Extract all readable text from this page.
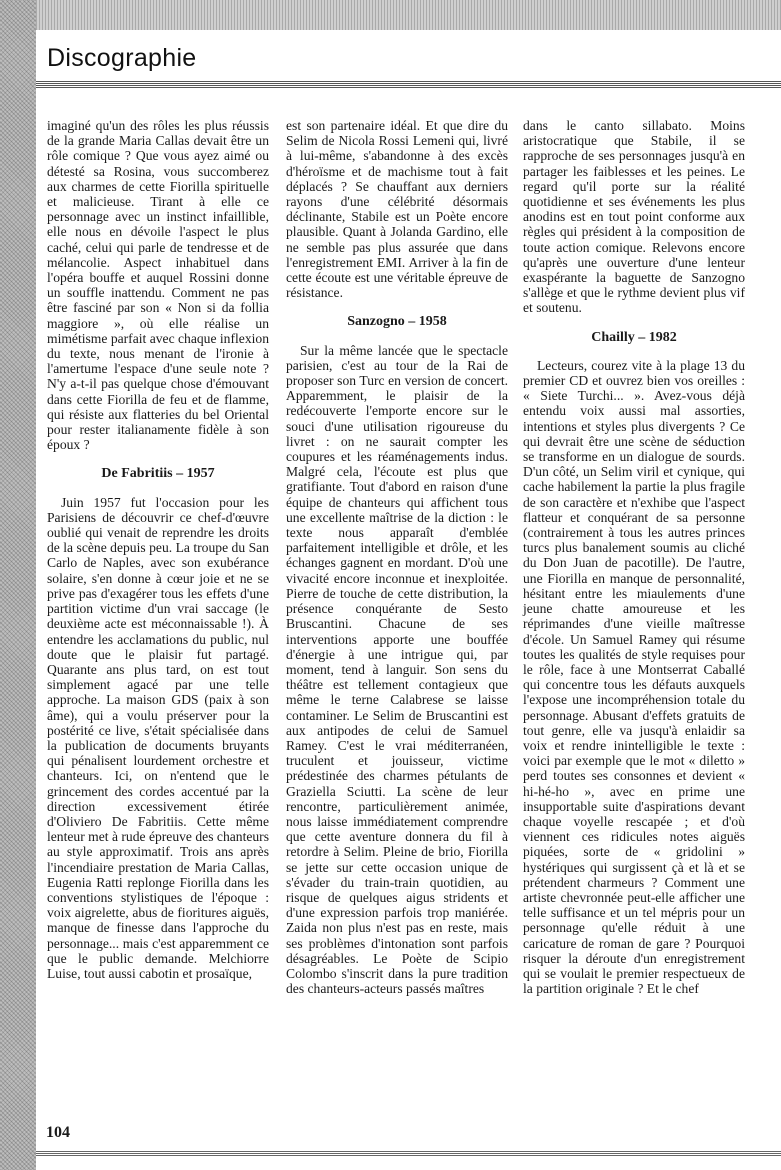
Discographie

imaginé qu'un des rôles les plus réussis de la grande Maria Callas devait être un rôle comique ? Que vous ayez aimé ou détesté sa Rosina, vous succomberez aux charmes de cette Fiorilla spirituelle et malicieuse. Tirant à elle ce personnage avec un instinct infaillible, elle nous en dévoile l'aspect le plus caché, celui qui parle de tendresse et de mélancolie. Aspect inhabituel dans l'opéra bouffe et auquel Rossini donne un souffle inattendu. Comment ne pas être fasciné par son « Non si da follia maggiore », où elle réalise un mimétisme parfait avec chaque inflexion du texte, nous menant de l'ironie à l'amertume l'espace d'une seule note ? N'y a-t-il pas quelque chose d'émouvant dans cette Fiorilla de feu et de flamme, qui résiste aux flatteries du bel Oriental pour rester italianamente fidèle à son époux ?

De Fabritiis – 1957

Juin 1957 fut l'occasion pour les Parisiens de découvrir ce chef-d'œuvre oublié qui venait de reprendre les droits de la scène depuis peu. La troupe du San Carlo de Naples, avec son exubérance solaire, s'en donne à cœur joie et ne se prive pas d'exagérer tous les effets d'une partition victime d'un vrai saccage (le deuxième acte est méconnaissable !). À entendre les acclamations du public, nul doute que le plaisir fut partagé. Quarante ans plus tard, on est tout simplement agacé par une telle approche. La maison GDS (paix à son âme), qui a voulu préserver pour la postérité ce live, s'était spécialisée dans la publication de documents bruyants qui pénalisent lourdement orchestre et chanteurs. Ici, on n'entend que le grincement des cordes accentué par la direction excessivement étirée d'Oliviero De Fabritiis. Cette même lenteur met à rude épreuve des chanteurs au style approximatif. Trois ans après l'incendiaire prestation de Maria Callas, Eugenia Ratti replonge Fiorilla dans les conventions stylistiques de l'époque : voix aigrelette, abus de fioritures aiguës, manque de finesse dans l'approche du personnage... mais c'est apparemment ce que le public demande. Melchiorre Luise, tout aussi cabotin et prosaïque,

est son partenaire idéal. Et que dire du Selim de Nicola Rossi Lemeni qui, livré à lui-même, s'abandonne à des excès d'héroïsme et de machisme tout à fait déplacés ? Se chauffant aux derniers rayons d'une célébrité désormais déclinante, Stabile est un Poète encore plausible. Quant à Jolanda Gardino, elle ne semble pas plus assurée que dans l'enregistrement EMI. Arriver à la fin de cette écoute est une véritable épreuve de résistance.

Sanzogno – 1958

Sur la même lancée que le spectacle parisien, c'est au tour de la Rai de proposer son Turc en version de concert. Apparemment, le plaisir de la redécouverte l'emporte encore sur le souci d'une utilisation rigoureuse du livret : on ne saurait compter les coupures et les réaménagements indus. Malgré cela, l'écoute est plus que gratifiante. Tout d'abord en raison d'une équipe de chanteurs qui affichent tous une excellente maîtrise de la diction : le texte nous apparaît d'emblée parfaitement intelligible et drôle, et les échanges gagnent en mordant. D'où une vivacité encore inconnue et inexploitée. Pierre de touche de cette distribution, la présence conquérante de Sesto Bruscantini. Chacune de ses interventions apporte une bouffée d'énergie à une intrigue qui, par moment, tend à languir. Son sens du théâtre est tellement contagieux que même le terne Calabrese se laisse contaminer. Le Selim de Bruscantini est aux antipodes de celui de Samuel Ramey. C'est le vrai méditerranéen, truculent et jouisseur, victime prédestinée des charmes pétulants de Graziella Sciutti. La scène de leur rencontre, particulièrement animée, nous laisse immédiatement comprendre que cette aventure donnera du fil à retordre à Selim. Pleine de brio, Fiorilla se jette sur cette occasion unique de s'évader du train-train quotidien, au risque de quelques aigus stridents et d'une expression parfois trop maniérée. Zaida non plus n'est pas en reste, mais ses problèmes d'intonation sont parfois désagréables. Le Poète de Scipio Colombo s'inscrit dans la pure tradition des chanteurs-acteurs passés maîtres

dans le canto sillabato. Moins aristocratique que Stabile, il se rapproche de ses personnages jusqu'à en partager les faiblesses et les peines. Le regard qu'il porte sur la réalité quotidienne et ses événements les plus anodins est en tout point conforme aux règles qui président à la composition de toute action comique. Relevons encore qu'après une ouverture d'une lenteur exaspérante la baguette de Sanzogno s'allège et que le rythme devient plus vif et soutenu.

Chailly – 1982

Lecteurs, courez vite à la plage 13 du premier CD et ouvrez bien vos oreilles : « Siete Turchi... ». Avez-vous déjà entendu voix aussi mal assorties, intentions et styles plus divergents ? Ce qui devrait être une scène de séduction se transforme en un dialogue de sourds. D'un côté, un Selim viril et cynique, qui cache habilement la partie la plus fragile de son caractère et n'exhibe que l'aspect flatteur et conquérant de sa personne (contrairement à tous les autres princes turcs plus banalement soumis au cliché du Don Juan de pacotille). De l'autre, une Fiorilla en manque de personnalité, hésitant entre les miaulements d'une jeune chatte amoureuse et les réprimandes d'une vieille maîtresse d'école. Un Samuel Ramey qui résume toutes les qualités de style requises pour le rôle, face à une Montserrat Caballé qui concentre tous les défauts auxquels l'expose une incompréhension totale du personnage. Abusant d'effets gratuits de tout genre, elle va jusqu'à enlaidir sa voix et rendre inintelligible le texte : voici par exemple que le mot « diletto » perd toutes ses consonnes et devient « hi-hé-ho », avec en prime une insupportable suite d'aspirations devant chaque voyelle rescapée ; et d'où viennent ces ridicules notes aiguës piquées, sorte de « gridolini » hystériques qui surgissent çà et là et se prétendent charmeurs ? Comment une artiste chevronnée peut-elle afficher une telle suffisance et un tel mépris pour un personnage qu'elle réduit à une caricature de roman de gare ? Pourquoi risquer la déroute d'un enregistrement qui se voulait le premier respectueux de la partition originale ? Et le chef

104
